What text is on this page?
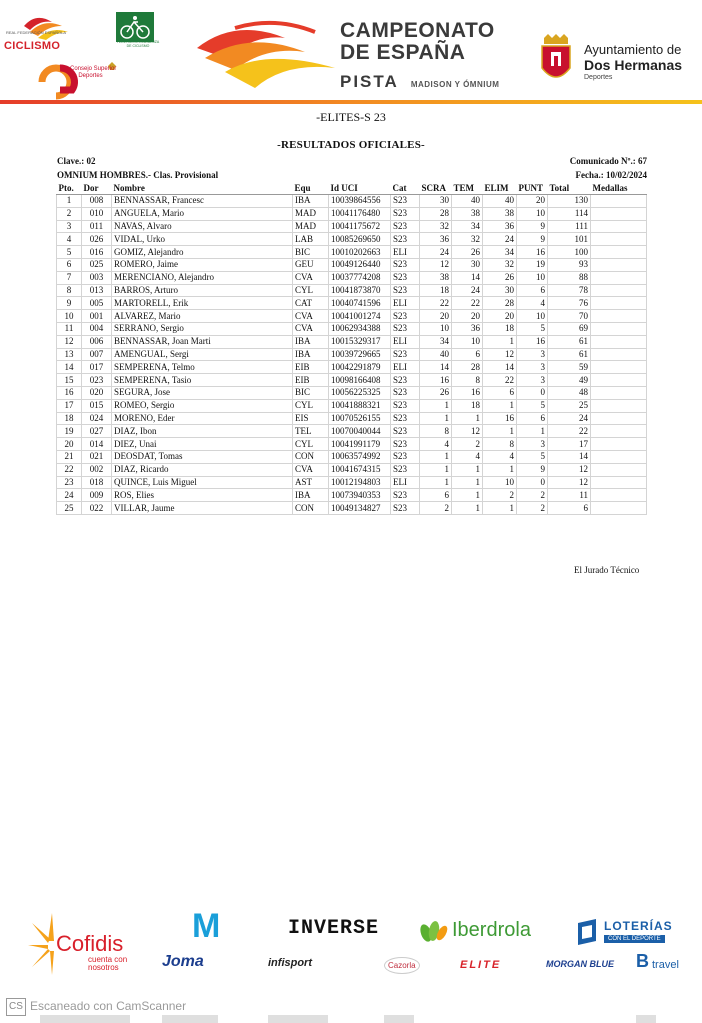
REAL FEDERACIÓN ESPAÑOLA
CICLISMO	FEDERACIÓN ANDALUZA DE CICLISMO
Consejo Superior de Deportes
CAMPEONATO
DE ESPAÑA
PISTA MADISON Y ÓMNIUM
Ayuntamiento de
Dos Hermanas
Deportes
-ELITES-S 23
-RESULTADOS OFICIALES-
Clave.: 02	Comunicado Nº.: 67
OMNIUM HOMBRES.- Clas. Provisional	Fecha.: 10/02/2024
Pto.	Dor	Nombre	Equ	Id UCI	Cat	SCRA	TEM	ELIM	PUNT	Total	Medallas
1	008	BENNASSAR, Francesc	IBA	10039864556	S23	30	40	40	20	130	
2	010	ANGUELA, Mario	MAD	10041176480	S23	28	38	38	10	114	
3	011	NAVAS, Alvaro	MAD	10041175672	S23	32	34	36	9	111	
4	026	VIDAL, Urko	LAB	10085269650	S23	36	32	24	9	101	
5	016	GOMIZ, Alejandro	BIC	10010202663	ELI	24	26	34	16	100	
6	025	ROMERO, Jaime	GEU	10049126440	S23	12	30	32	19	93	
7	003	MERENCIANO, Alejandro	CVA	10037774208	S23	38	14	26	10	88	
8	013	BARROS, Arturo	CYL	10041873870	S23	18	24	30	6	78	
9	005	MARTORELL, Erik	CAT	10040741596	ELI	22	22	28	4	76	
10	001	ALVAREZ, Mario	CVA	10041001274	S23	20	20	20	10	70	
11	004	SERRANO, Sergio	CVA	10062934388	S23	10	36	18	5	69	
12	006	BENNASSAR, Joan Marti	IBA	10015329317	ELI	34	10	1	16	61	
13	007	AMENGUAL, Sergi	IBA	10039729665	S23	40	6	12	3	61	
14	017	SEMPERENA, Telmo	EIB	10042291879	ELI	14	28	14	3	59	
15	023	SEMPERENA, Tasio	EIB	10098166408	S23	16	8	22	3	49	
16	020	SEGURA, Jose	BIC	10056225325	S23	26	16	6	0	48	
17	015	ROMEO, Sergio	CYL	10041888321	S23	1	18	1	5	25	
18	024	MORENO, Eder	EIS	10070526155	S23	1	1	16	6	24	
19	027	DIAZ, Ibon	TEL	10070040044	S23	8	12	1	1	22	
20	014	DIEZ, Unai	CYL	10041991179	S23	4	2	8	3	17	
21	021	DEOSDAT, Tomas	CON	10063574992	S23	1	4	4	5	14	
22	002	DIAZ, Ricardo	CVA	10041674315	S23	1	1	1	9	12	
23	018	QUINCE, Luis Miguel	AST	10012194803	ELI	1	1	10	0	12	
24	009	ROS, Elies	IBA	10073940353	S23	6	1	2	2	11	
25	022	VILLAR, Jaume	CON	10049134827	S23	2	1	1	2	6	
El Jurado Técnico
Cofidis
cuenta con nosotros
M
Joma
INVERSE
infisport
Iberdrola
Cazorla	ELITE
LOTERÍAS
CON EL DEPORTE
MORGAN BLUE B travel
CS Escaneado con CamScanner
